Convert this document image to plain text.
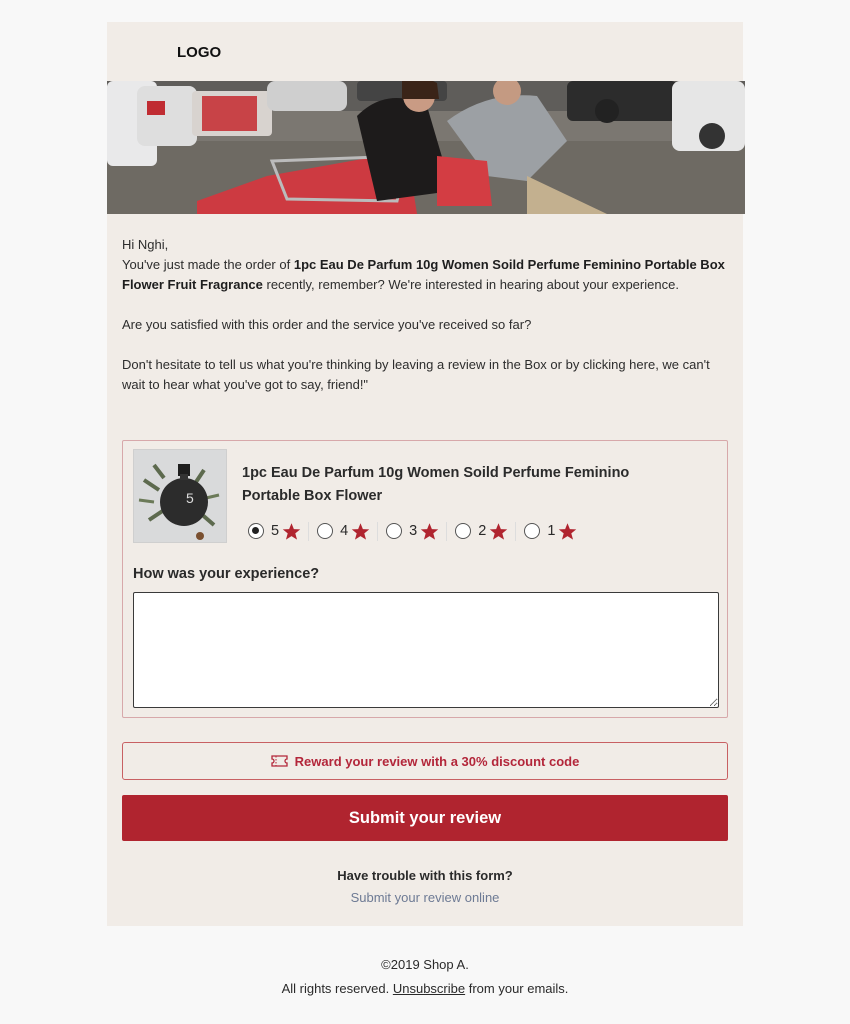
LOGO
Hi Nghi,

You've just made the order of 1pc Eau De Parfum 10g Women Soild Perfume Feminino Portable Box Flower Fruit Fragrance recently, remember? We're interested in hearing about your experience.

Are you satisfied with this order and the service you've received so far?

Don't hesitate to tell us what you're thinking by leaving a review in the Box or by clicking here, we can't wait to hear what you've got to say, friend!"

5
1pc Eau De Parfum 10g Women Soild Perfume Feminino Portable Box Flower
5	4	3	2	1
How was your experience?
Reward your review with a 30% discount code
Submit your review
Have trouble with this form?
Submit your review online
©2019 Shop A.
All rights reserved. Unsubscribe from your emails.
